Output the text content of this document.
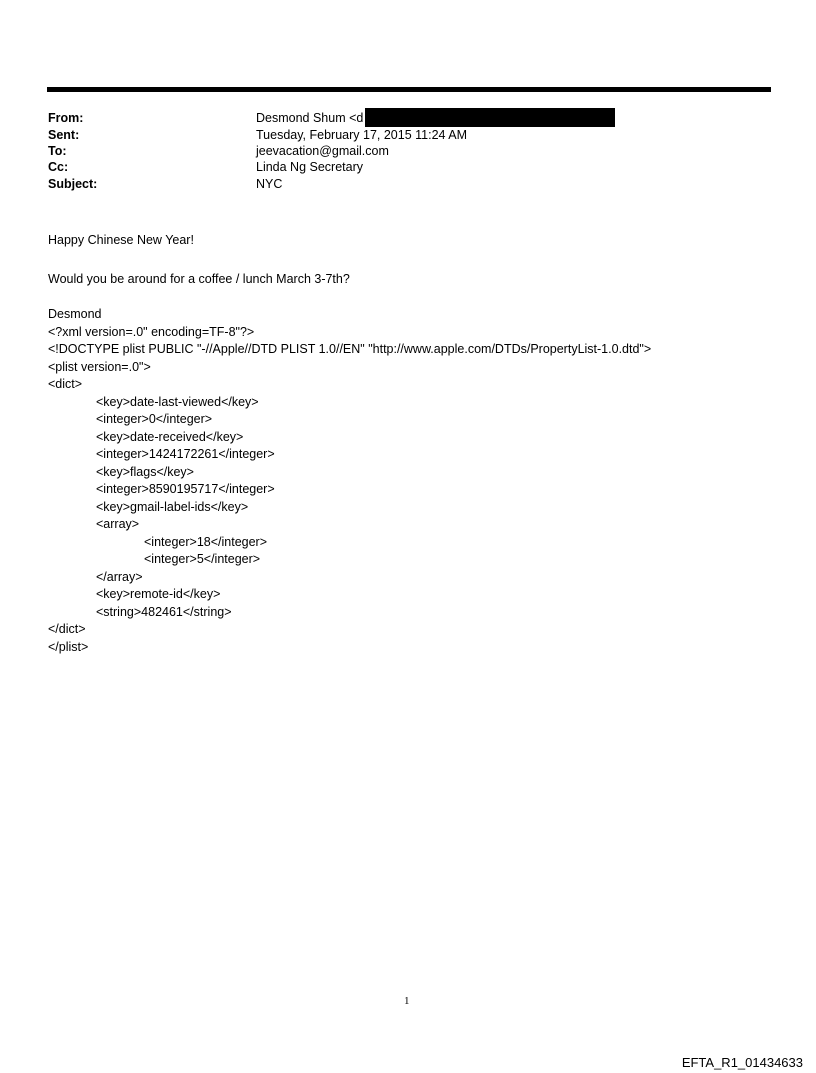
From:	Desmond Shum <d
Sent:	Tuesday, February 17, 2015 11:24 AM
To:	jeevacation@gmail.com
Cc:	Linda Ng Secretary
Subject:	NYC
Happy Chinese New Year!
Would you be around for a coffee / lunch March 3-7th?
Desmond
<?xml version=.0" encoding=TF-8"?>
<!DOCTYPE plist PUBLIC "-//Apple//DTD PLIST 1.0//EN" "http://www.apple.com/DTDs/PropertyList-1.0.dtd">
<plist version=.0">
<dict>
<key>date-last-viewed</key>
<integer>0</integer>
<key>date-received</key>
<integer>1424172261</integer>
<key>flags</key>
<integer>8590195717</integer>
<key>gmail-label-ids</key>
<array>
<integer>18</integer>
<integer>5</integer>
</array>
<key>remote-id</key>
<string>482461</string>
</dict>
</plist>
1
EFTA_R1_01434633
